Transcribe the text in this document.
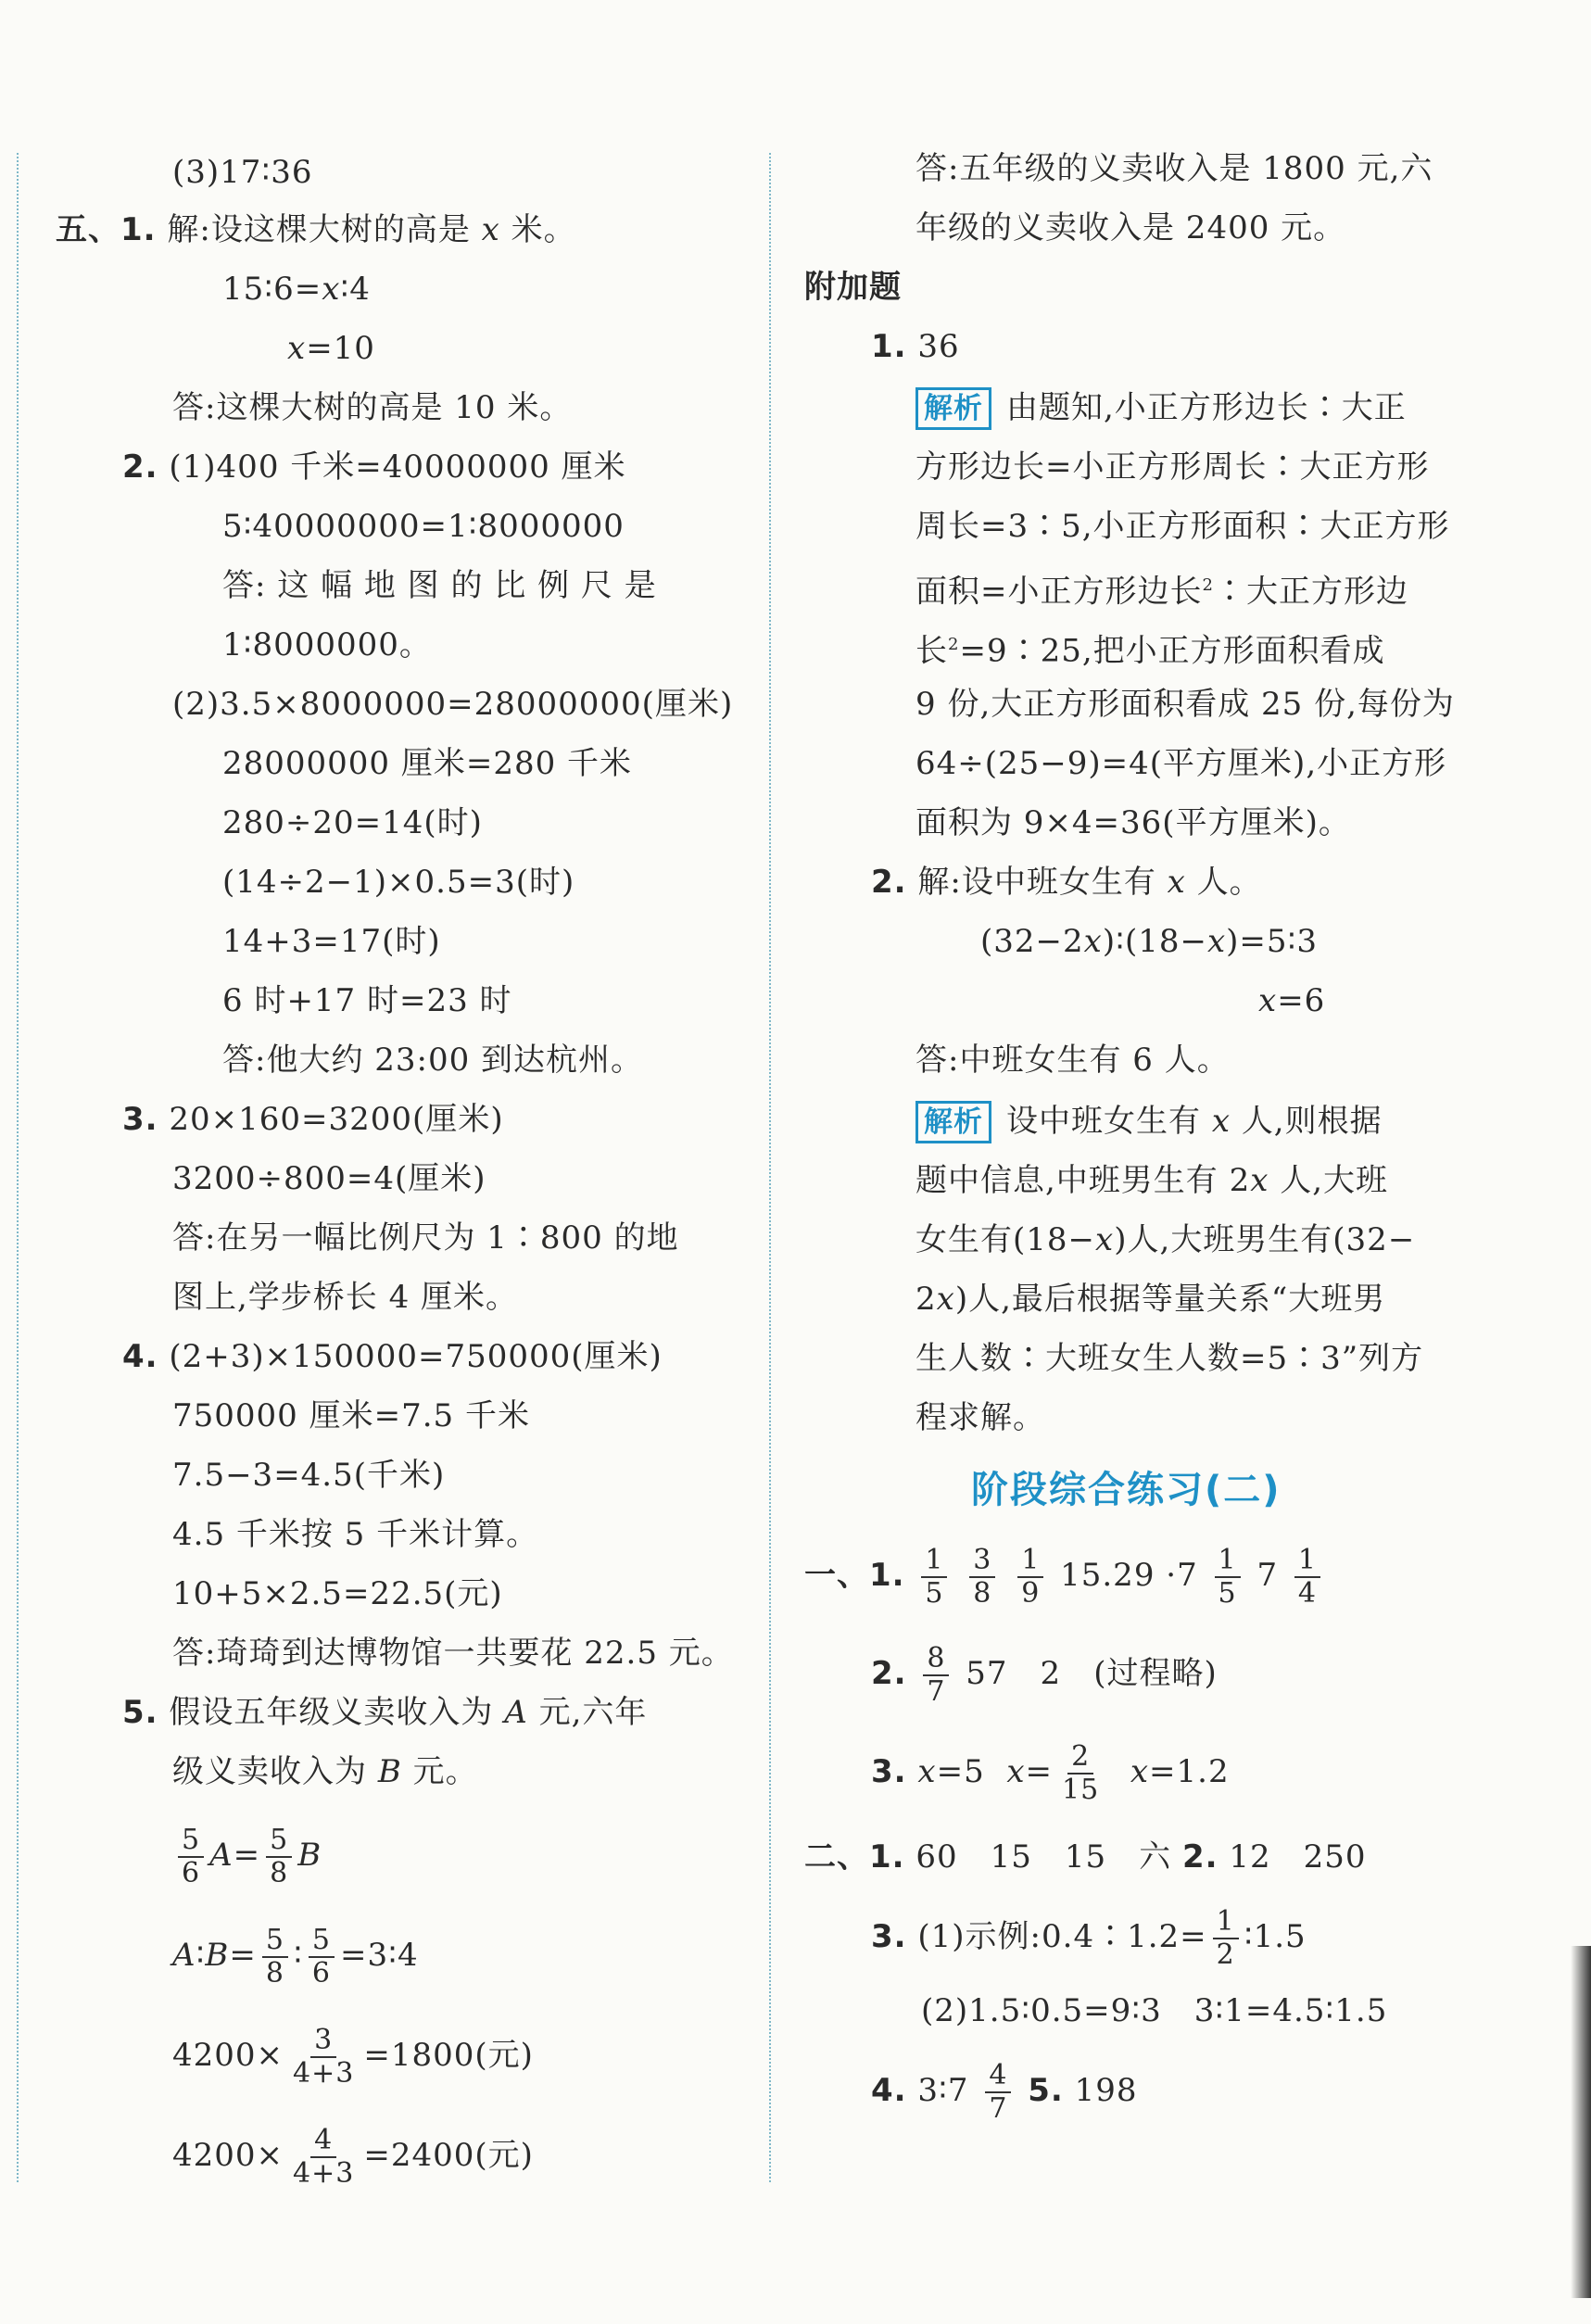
(3)17∶36
五、1. 解:设这棵大树的高是 x 米。
15∶6=x∶4
x=10
答:这棵大树的高是 10 米。
2. (1)400 千米=40000000 厘米
5∶40000000=1∶8000000
答: 这 幅 地 图 的 比 例 尺 是
1∶8000000。
(2)3.5×8000000=28000000(厘米)
28000000 厘米=280 千米
280÷20=14(时)
(14÷2−1)×0.5=3(时)
14+3=17(时)
6 时+17 时=23 时
答:他大约 23:00 到达杭州。
3. 20×160=3200(厘米)
3200÷800=4(厘米)
答:在另一幅比例尺为 1∶800 的地
图上,学步桥长 4 厘米。
4. (2+3)×150000=750000(厘米)
750000 厘米=7.5 千米
7.5−3=4.5(千米)
4.5 千米按 5 千米计算。
10+5×2.5=22.5(元)
答:琦琦到达博物馆一共要花 22.5 元。
5. 假设五年级义卖收入为 A 元,六年
级义卖收入为 B 元。
$\frac{5}{6} A= \frac{5}{8}$ B
A∶B= $\frac{5}{8}$ ∶ $\frac{5}{6}$ =3∶4
$4200\times \frac{3}{4+3} =1800$(元)
$4200\times \frac{4}{4+3} =2400$(元)
答:五年级的义卖收入是 1800 元,六
年级的义卖收入是 2400 元。
附加题
1. 36
解析 由题知,小正方形边长∶大正
方形边长=小正方形周长∶大正方形
周长=3∶5,小正方形面积∶大正方形
面积=小正方形边长$^2$∶大正方形边
长$^2$=9∶25,把小正方形面积看成
9 份,大正方形面积看成 25 份,每份为
64÷(25−9)=4(平方厘米),小正方形
面积为 9×4=36(平方厘米)。
2. 解:设中班女生有 x 人。
(32−2x)∶(18−x)=5∶3
x=6
答:中班女生有 6 人。
解析 设中班女生有 x 人,则根据
题中信息,中班男生有 2x 人,大班
女生有(18−x)人,大班男生有(32−
2x)人,最后根据等量关系“大班男
生人数∶大班女生人数=5∶3”列方
程求解。
阶段综合练习(二)
一、1. $\frac{1}{5}$
$\frac{3}{8}$
$\frac{1}{9} 15.29 \cdot 7 \frac{1}{5} 7 \frac{1}{4}$
2. $\frac{8}{7} 57$　2　(过程略)
3. x=5 $x= \frac{2}{15} x=1.2$
二、1. 60　15　15　六 2. 12　250
3. (1)示例:0.4∶1.2= $\frac{1}{2}$ ∶1.5
(2)1.5∶0.5=9∶3　3∶1=4.5∶1.5
4. 3∶7 $\frac{4}{7} 5$. 198
